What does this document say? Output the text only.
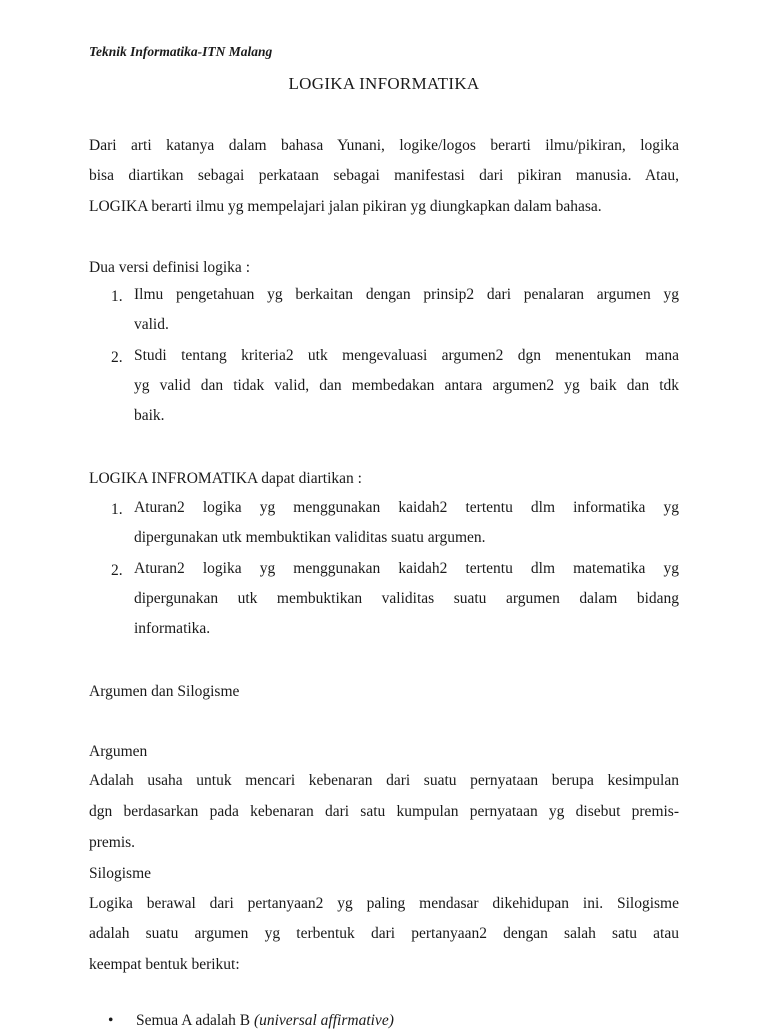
Teknik Informatika-ITN Malang
LOGIKA INFORMATIKA
Dari arti katanya dalam bahasa Yunani, logike/logos berarti ilmu/pikiran, logika
bisa diartikan sebagai perkataan sebagai manifestasi dari pikiran manusia. Atau,
LOGIKA berarti ilmu yg mempelajari jalan pikiran yg diungkapkan dalam bahasa.
Dua versi definisi logika :
1. Ilmu pengetahuan yg berkaitan dengan prinsip2 dari penalaran argumen yg
valid.
2. Studi tentang kriteria2 utk mengevaluasi argumen2 dgn menentukan mana
yg valid dan tidak valid, dan membedakan antara argumen2 yg baik dan tdk
baik.
LOGIKA INFROMATIKA dapat diartikan :
1. Aturan2 logika yg menggunakan kaidah2 tertentu dlm informatika yg
dipergunakan utk membuktikan validitas suatu argumen.
2. Aturan2 logika yg menggunakan kaidah2 tertentu dlm matematika yg
dipergunakan utk membuktikan validitas suatu argumen dalam bidang
informatika.
Argumen dan Silogisme
Argumen
Adalah usaha untuk mencari kebenaran dari suatu pernyataan berupa kesimpulan
dgn berdasarkan pada kebenaran dari satu kumpulan pernyataan yg disebut premis-
premis.
Silogisme
Logika berawal dari pertanyaan2 yg paling mendasar dikehidupan ini. Silogisme
adalah suatu argumen yg terbentuk dari pertanyaan2 dengan salah satu atau
keempat bentuk berikut:
• Semua A adalah B (universal affirmative)
